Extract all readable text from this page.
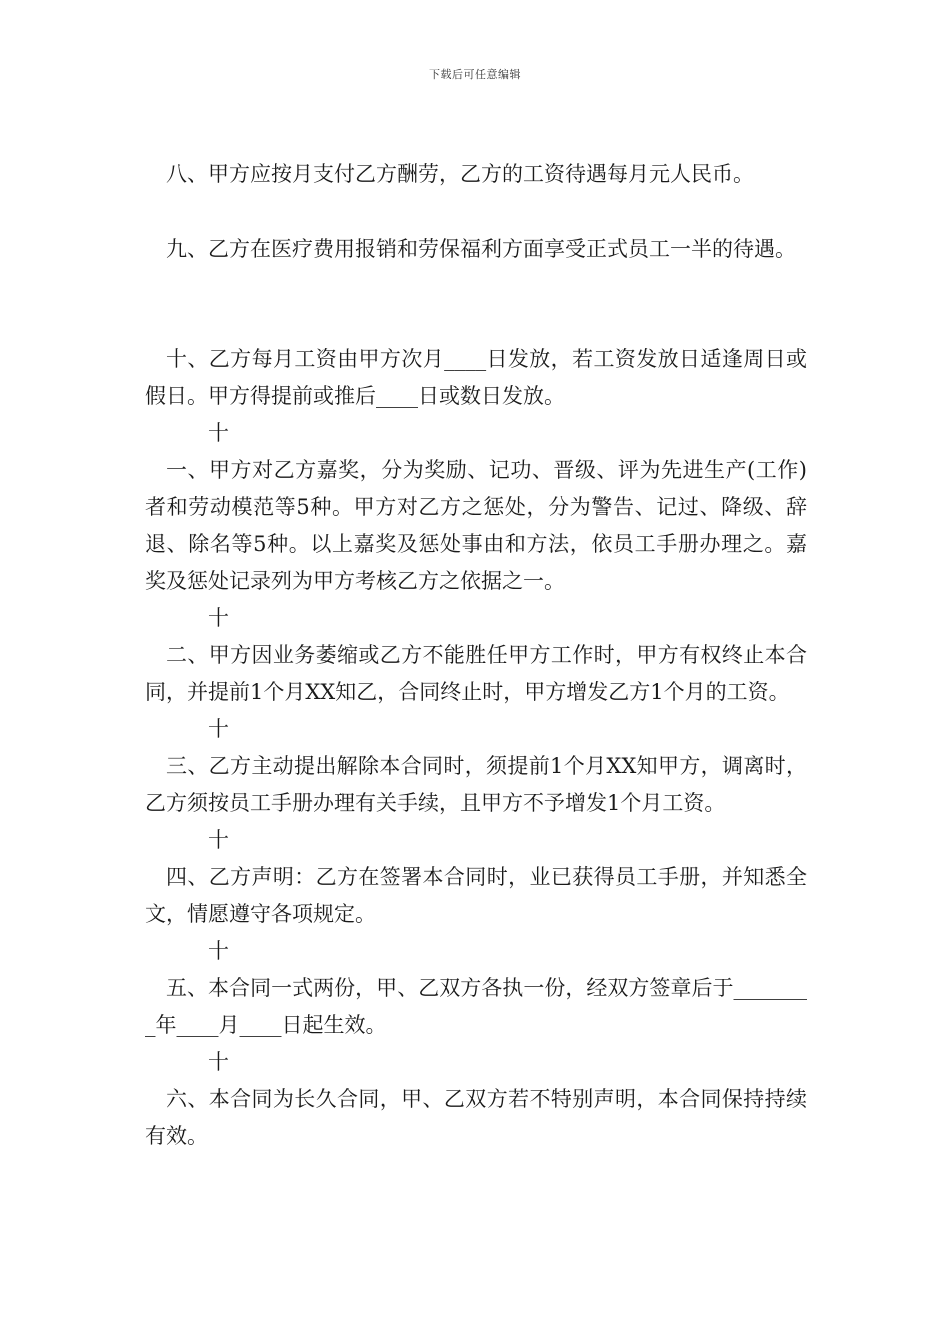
下载后可任意编辑

八、甲方应按月支付乙方酬劳，乙方的工资待遇每月元人民币。

九、乙方在医疗费用报销和劳保福利方面享受正式员工一半的待遇。

十、乙方每月工资由甲方次月____日发放，若工资发放日适逢周日或假日。甲方得提前或推后____日或数日发放。

十

一、甲方对乙方嘉奖，分为奖励、记功、晋级、评为先进生产(工作)者和劳动模范等5种。甲方对乙方之惩处，分为警告、记过、降级、辞退、除名等5种。以上嘉奖及惩处事由和方法，依员工手册办理之。嘉奖及惩处记录列为甲方考核乙方之依据之一。

十

二、甲方因业务萎缩或乙方不能胜任甲方工作时，甲方有权终止本合同，并提前1个月XX知乙，合同终止时，甲方增发乙方1个月的工资。

十

三、乙方主动提出解除本合同时，须提前1个月XX知甲方，调离时，乙方须按员工手册办理有关手续，且甲方不予增发1个月工资。

十

四、乙方声明：乙方在签署本合同时，业已获得员工手册，并知悉全文，情愿遵守各项规定。

十

五、本合同一式两份，甲、乙双方各执一份，经双方签章后于________年____月____日起生效。

十

六、本合同为长久合同，甲、乙双方若不特别声明，本合同保持持续有效。
